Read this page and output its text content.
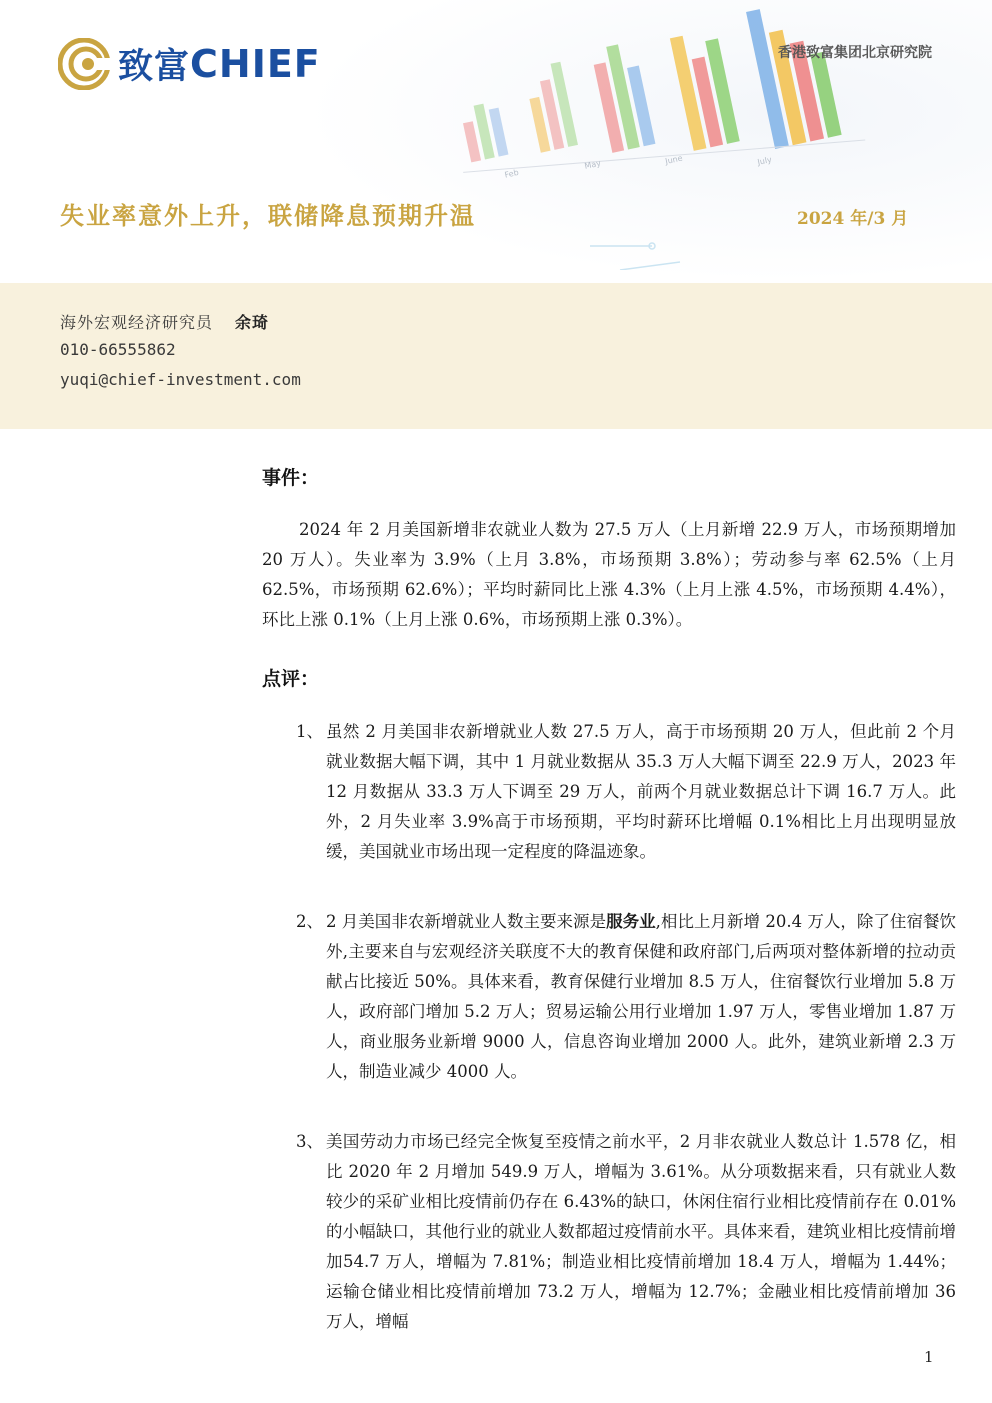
Feb
May	June	July
致富 CHIEF	香港致富集团北京研究院
失业率意外上升，联储降息预期升温	2024 年/3 月
海外宏观经济研究员 余琦
010-66555862
yuqi@chief-investment.com
事件：
2024 年 2 月美国新增非农就业人数为 27.5 万人（上月新增 22.9 万人，市场预期增加 20 万人）。失业率为 3.9%（上月 3.8%，市场预期 3.8%）；劳动参与率 62.5%（上月 62.5%，市场预期 62.6%）；平均时薪同比上涨 4.3%（上月上涨 4.5%，市场预期 4.4%），环比上涨 0.1%（上月上涨 0.6%，市场预期上涨 0.3%）。
点评：
1、 虽然 2 月美国非农新增就业人数 27.5 万人，高于市场预期 20 万人，但此前 2 个月就业数据大幅下调，其中 1 月就业数据从 35.3 万人大幅下调至 22.9 万人，2023 年 12 月数据从 33.3 万人下调至 29 万人，前两个月就业数据总计下调 16.7 万人。此外，2 月失业率 3.9%高于市场预期，平均时薪环比增幅 0.1%相比上月出现明显放缓，美国就业市场出现一定程度的降温迹象。
2、 2 月美国非农新增就业人数主要来源是服务业,相比上月新增 20.4 万人，除了住宿餐饮外,主要来自与宏观经济关联度不大的教育保健和政府部门,后两项对整体新增的拉动贡献占比接近 50%。具体来看，教育保健行业增加 8.5 万人，住宿餐饮行业增加 5.8 万人，政府部门增加 5.2 万人；贸易运输公用行业增加 1.97 万人，零售业增加 1.87 万人，商业服务业新增 9000 人，信息咨询业增加 2000 人。此外，建筑业新增 2.3 万人，制造业减少 4000 人。
3、 美国劳动力市场已经完全恢复至疫情之前水平，2 月非农就业人数总计 1.578 亿，相比 2020 年 2 月增加 549.9 万人，增幅为 3.61%。从分项数据来看，只有就业人数较少的采矿业相比疫情前仍存在 6.43%的缺口，休闲住宿行业相比疫情前存在 0.01%的小幅缺口，其他行业的就业人数都超过疫情前水平。具体来看，建筑业相比疫情前增加54.7 万人，增幅为 7.81%；制造业相比疫情前增加 18.4 万人，增幅为 1.44%；运输仓储业相比疫情前增加 73.2 万人，增幅为 12.7%；金融业相比疫情前增加 36 万人，增幅
1
